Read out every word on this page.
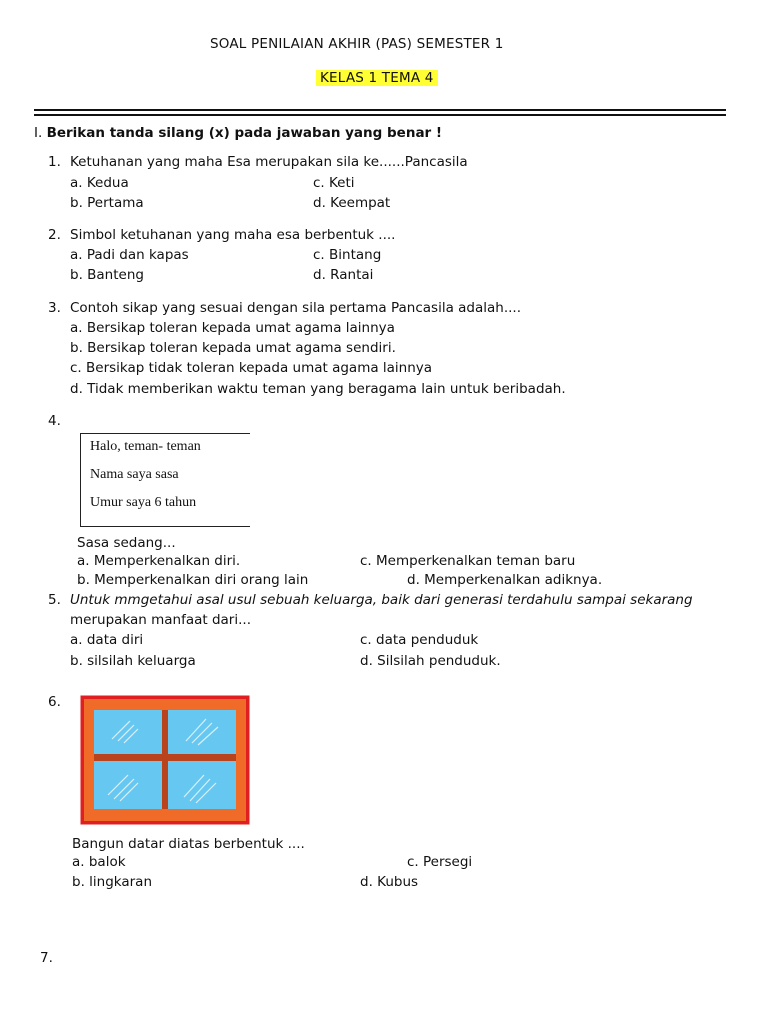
SOAL PENILAIAN AKHIR (PAS) SEMESTER 1
KELAS 1 TEMA 4
I. Berikan tanda silang (x) pada jawaban yang benar !
1. Ketuhanan yang maha Esa merupakan sila ke......Pancasila
a. Kedua
b. Pertama
c. Keti
d. Keempat
2. Simbol ketuhanan yang maha esa berbentuk ....
a. Padi dan kapas
b. Banteng
c. Bintang
d. Rantai
3. Contoh sikap yang sesuai dengan sila pertama Pancasila adalah....
a. Bersikap toleran kepada umat agama lainnya
b. Bersikap toleran kepada umat agama sendiri.
c. Bersikap tidak toleran kepada umat agama lainnya
d. Tidak memberikan waktu teman yang beragama lain untuk beribadah.
4.
Halo, teman- teman
Nama saya sasa
Umur saya 6 tahun
Sasa sedang...
a. Memperkenalkan diri.
b. Memperkenalkan diri orang lain
c. Memperkenalkan teman baru
d. Memperkenalkan adiknya.
5. Untuk mmgetahui asal usul sebuah keluarga, baik dari generasi terdahulu sampai sekarang
merupakan manfaat dari...
a. data diri
b. silsilah keluarga
c. data penduduk
d. Silsilah penduduk.
6.
Bangun datar diatas berbentuk ....
a. balok
b. lingkaran
c. Persegi
d. Kubus
7.
